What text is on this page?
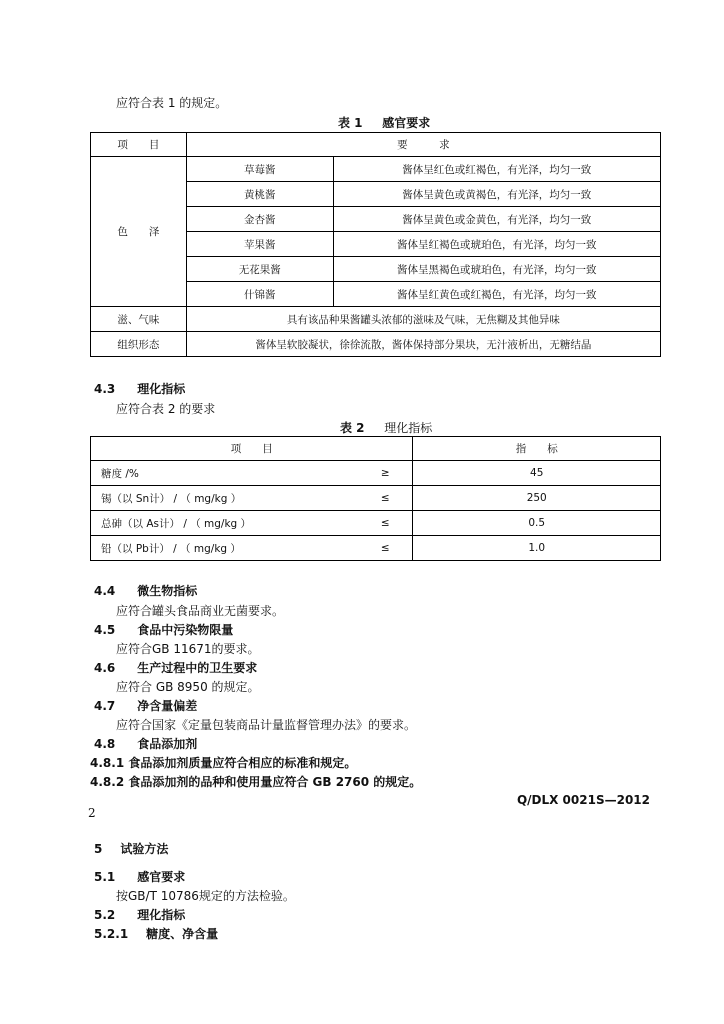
应符合表 1 的规定。
表 1 感官要求
项　　目	要　　　求	
色　　泽	草莓酱	酱体呈红色或红褐色，有光泽，均匀一致
	黄桃酱	酱体呈黄色或黄褐色，有光泽，均匀一致
	金杏酱	酱体呈黄色或金黄色，有光泽，均匀一致
	苹果酱	酱体呈红褐色或琥珀色，有光泽，均匀一致
	无花果酱	酱体呈黑褐色或琥珀色，有光泽，均匀一致
	什锦酱	酱体呈红黄色或红褐色，有光泽，均匀一致
滋、气味	具有该品种果酱罐头浓郁的滋味及气味，无焦糊及其他异味	
组织形态	酱体呈软胶凝状，徐徐流散，酱体保持部分果块，无汁液析出，无糖结晶	
4.3 理化指标
应符合表 2 的要求
表 2 理化指标
项　　目		指　　标
糖度 /%	≥	45
锡（以 Sn计） / （ mg/kg ）	≤	250
总砷（以 As计） / （ mg/kg ）	≤	0.5
铅（以 Pb计） / （ mg/kg ）	≤	1.0
4.4 微生物指标
应符合罐头食品商业无菌要求。
4.5 食品中污染物限量
应符合GB 11671的要求。
4.6 生产过程中的卫生要求
应符合 GB 8950 的规定。
4.7 净含量偏差
应符合国家《定量包装商品计量监督管理办法》的要求。
4.8 食品添加剂
4.8.1 食品添加剂质量应符合相应的标准和规定。
4.8.2 食品添加剂的品种和使用量应符合 GB 2760 的规定。
Q/DLX 0021S—2012
2
5 试验方法
5.1 感官要求
按GB/T 10786规定的方法检验。
5.2 理化指标
5.2.1 糖度、净含量
